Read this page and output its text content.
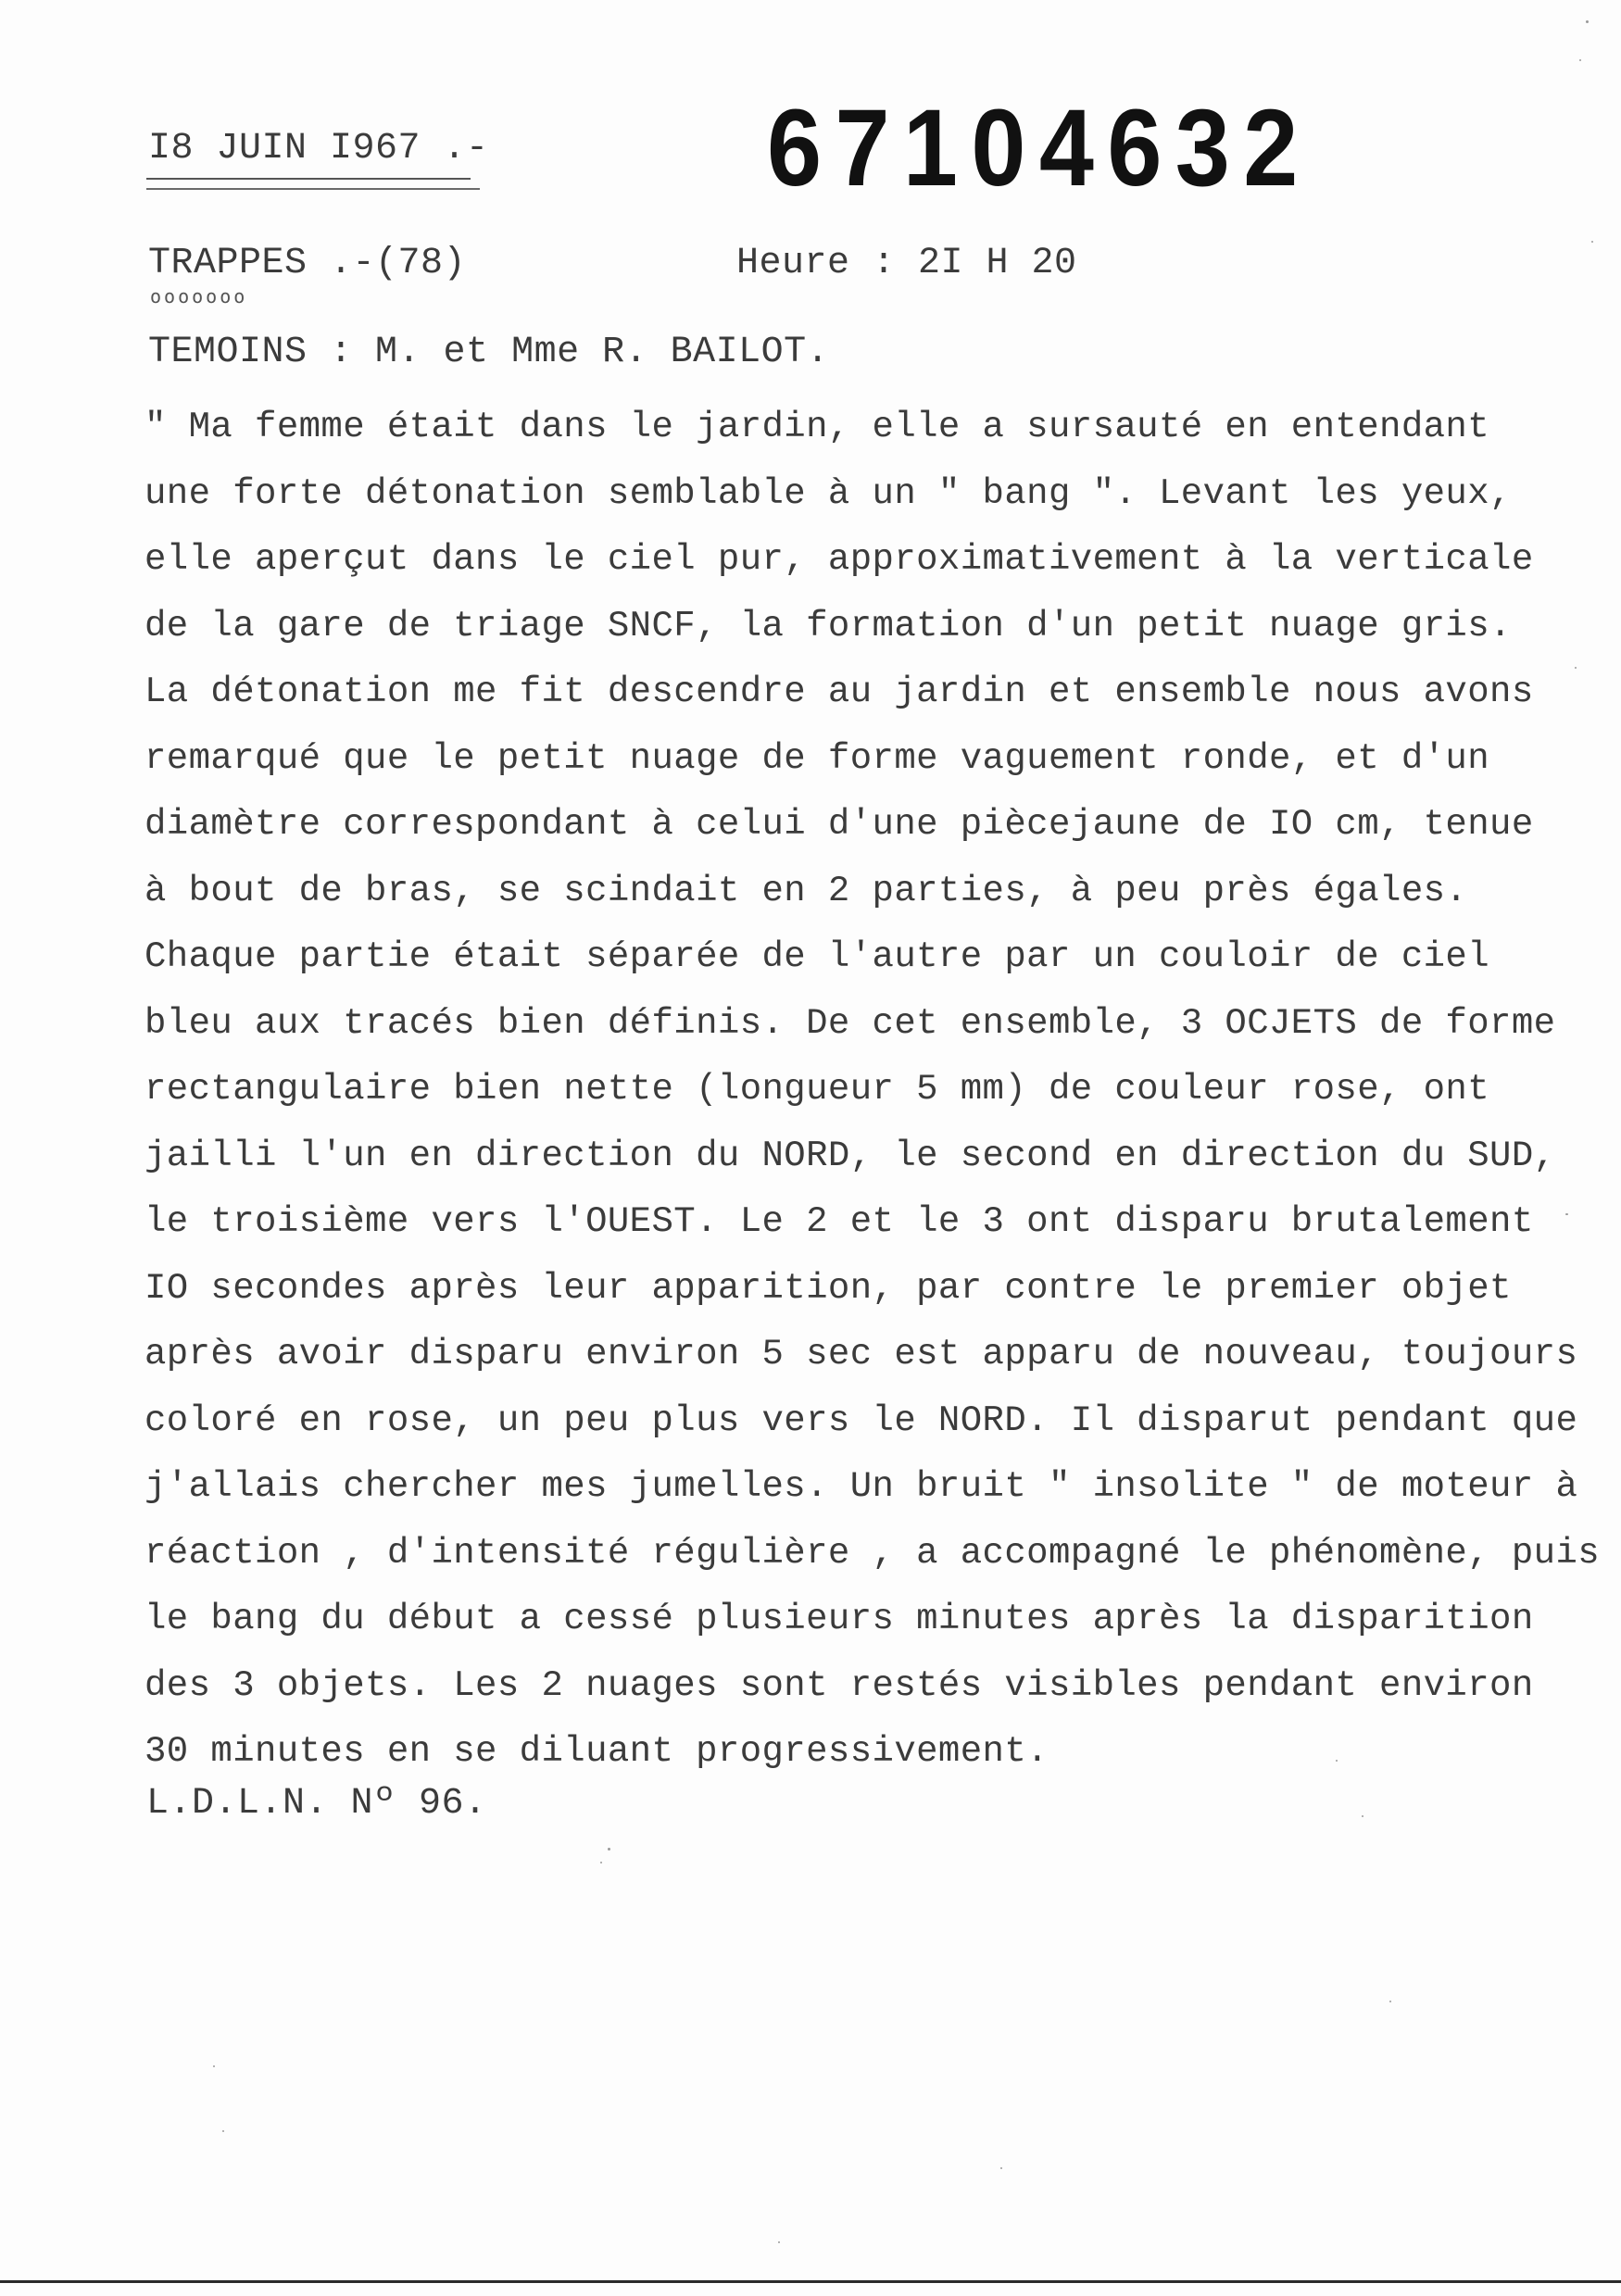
I8 JUIN I967 .-	67104632
TRAPPES .-(78)
ooooooo
Heure : 2I H 20
TEMOINS : M. et Mme R. BAILOT.
" Ma femme était dans le jardin, elle a sursauté en entendant
une forte détonation semblable à un " bang ". Levant les yeux,
elle aperçut dans le ciel pur, approximativement à la verticale
de la gare de triage SNCF, la formation d'un petit nuage gris.
La détonation me fit descendre au jardin et ensemble nous avons
remarqué que le petit nuage de forme vaguement ronde, et d'un
diamètre correspondant à celui d'une piècejaune de IO cm, tenue
à bout de bras, se scindait en 2 parties, à peu près égales.
Chaque partie était séparée de l'autre par un couloir de ciel
bleu aux tracés bien définis. De cet ensemble, 3 OCJETS de forme
rectangulaire bien nette (longueur 5 mm) de couleur rose, ont
jailli l'un en direction du NORD, le second en direction du SUD,
le troisième vers l'OUEST. Le 2 et le 3 ont disparu brutalement
IO secondes après leur apparition, par contre le premier objet
après avoir disparu environ 5 sec est apparu de nouveau, toujours
coloré en rose, un peu plus vers le NORD. Il disparut pendant que
j'allais chercher mes jumelles. Un bruit " insolite " de moteur à
réaction , d'intensité régulière , a accompagné le phénomène, puis
le bang du début a cessé plusieurs minutes après la disparition
des 3 objets. Les 2 nuages sont restés visibles pendant environ
30 minutes en se diluant progressivement.
L.D.L.N. Nº 96.
